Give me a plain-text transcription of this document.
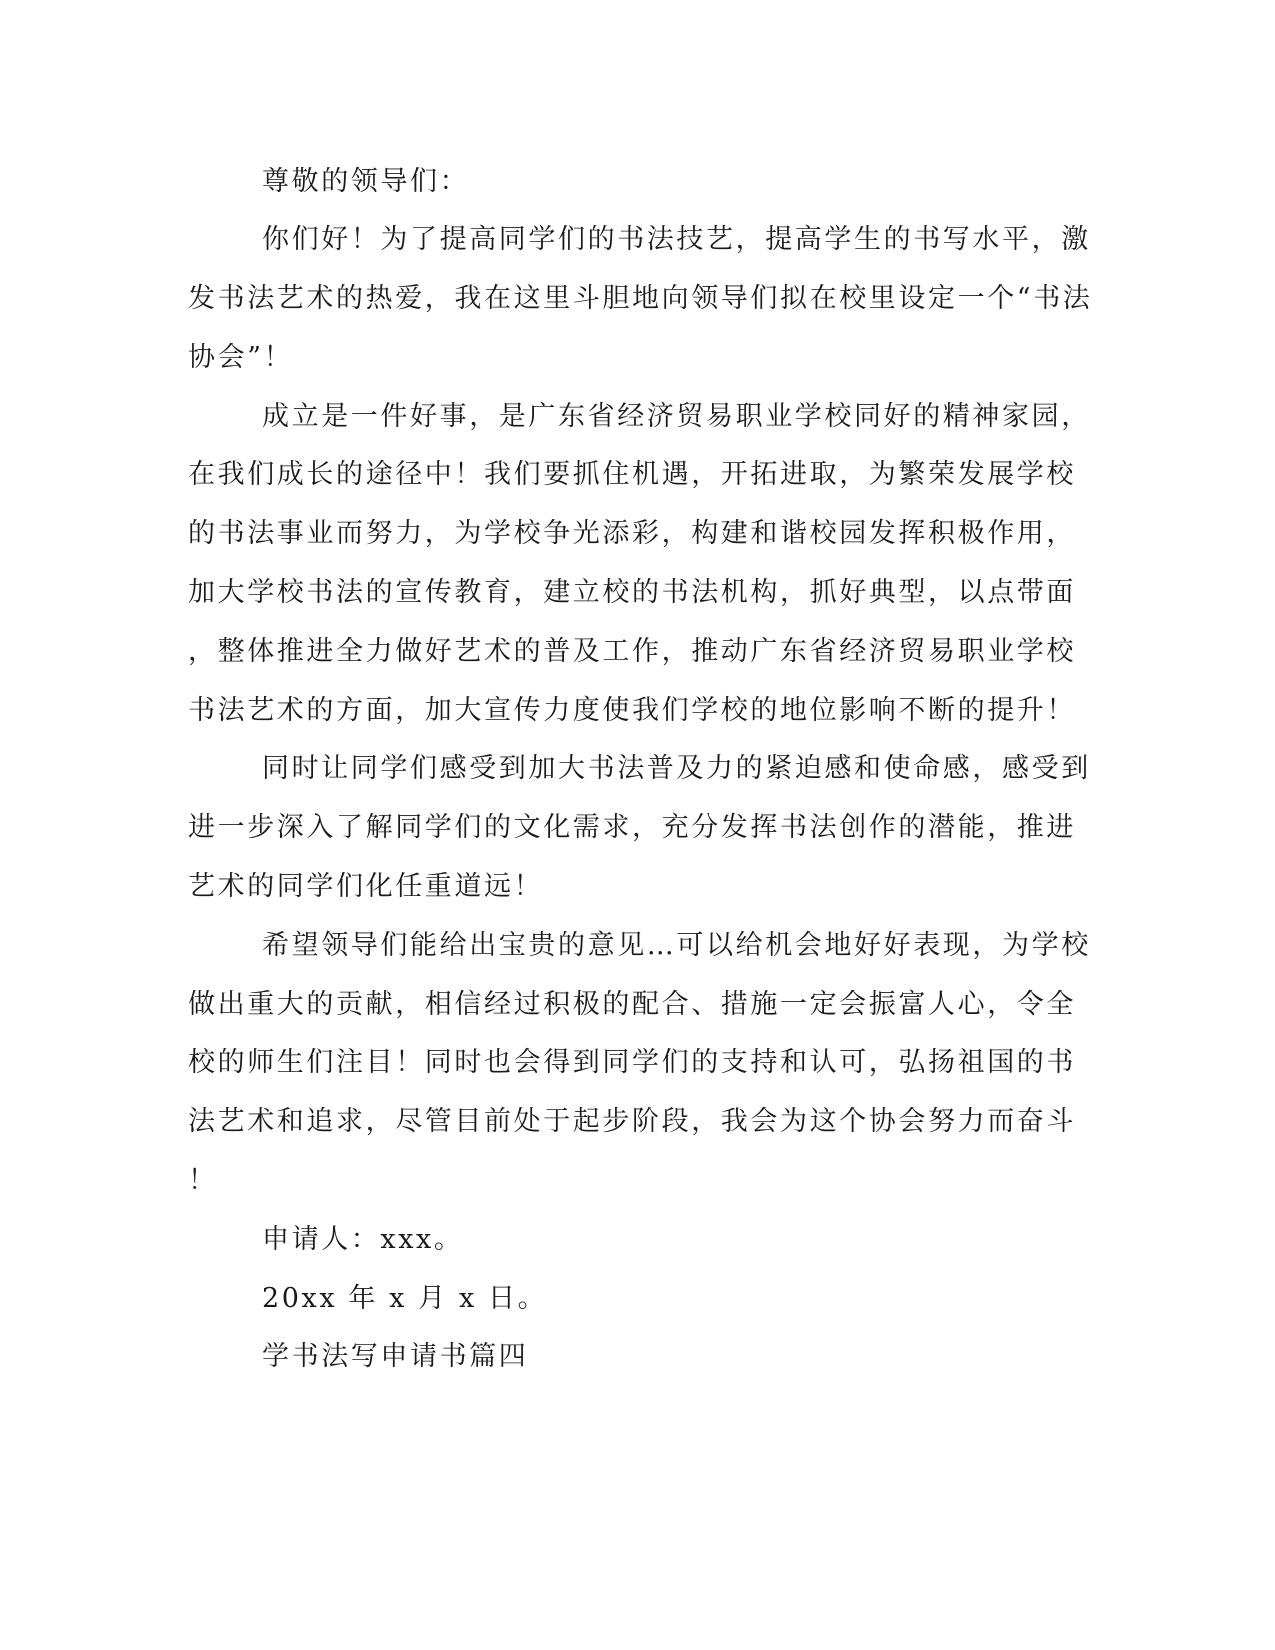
尊敬的领导们：
你们好！为了提高同学们的书法技艺，提高学生的书写水平，激
发书法艺术的热爱，我在这里斗胆地向领导们拟在校里设定一个“书法
协会”！
成立是一件好事，是广东省经济贸易职业学校同好的精神家园，
在我们成长的途径中！我们要抓住机遇，开拓进取，为繁荣发展学校
的书法事业而努力，为学校争光添彩，构建和谐校园发挥积极作用，
加大学校书法的宣传教育，建立校的书法机构，抓好典型，以点带面
，整体推进全力做好艺术的普及工作，推动广东省经济贸易职业学校
书法艺术的方面，加大宣传力度使我们学校的地位影响不断的提升！
同时让同学们感受到加大书法普及力的紧迫感和使命感，感受到
进一步深入了解同学们的文化需求，充分发挥书法创作的潜能，推进
艺术的同学们化任重道远！
希望领导们能给出宝贵的意见…可以给机会地好好表现，为学校
做出重大的贡献，相信经过积极的配合、措施一定会振富人心，令全
校的师生们注目！同时也会得到同学们的支持和认可，弘扬祖国的书
法艺术和追求，尽管目前处于起步阶段，我会为这个协会努力而奋斗
！
申请人：xxx。
20xx 年 x 月 x 日。
学书法写申请书篇四
